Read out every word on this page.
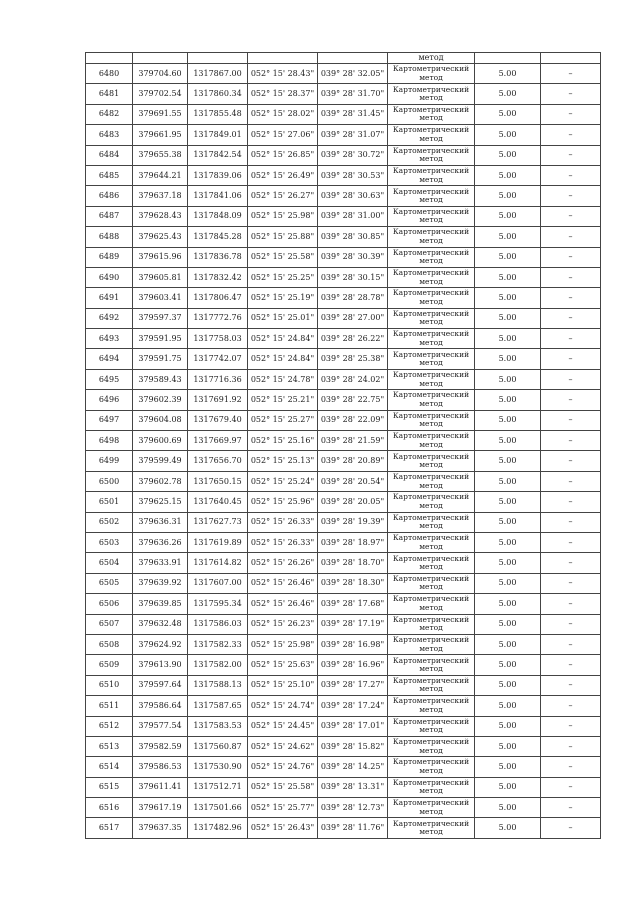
					метод		
6480	379704.60	1317867.00	052° 15' 28.43"	039° 28' 32.05"	Картометрический метод	5.00	–
6481	379702.54	1317860.34	052° 15' 28.37"	039° 28' 31.70"	Картометрический метод	5.00	–
6482	379691.55	1317855.48	052° 15' 28.02"	039° 28' 31.45"	Картометрический метод	5.00	–
6483	379661.95	1317849.01	052° 15' 27.06"	039° 28' 31.07"	Картометрический метод	5.00	–
6484	379655.38	1317842.54	052° 15' 26.85"	039° 28' 30.72"	Картометрический метод	5.00	–
6485	379644.21	1317839.06	052° 15' 26.49"	039° 28' 30.53"	Картометрический метод	5.00	–
6486	379637.18	1317841.06	052° 15' 26.27"	039° 28' 30.63"	Картометрический метод	5.00	–
6487	379628.43	1317848.09	052° 15' 25.98"	039° 28' 31.00"	Картометрический метод	5.00	–
6488	379625.43	1317845.28	052° 15' 25.88"	039° 28' 30.85"	Картометрический метод	5.00	–
6489	379615.96	1317836.78	052° 15' 25.58"	039° 28' 30.39"	Картометрический метод	5.00	–
6490	379605.81	1317832.42	052° 15' 25.25"	039° 28' 30.15"	Картометрический метод	5.00	–
6491	379603.41	1317806.47	052° 15' 25.19"	039° 28' 28.78"	Картометрический метод	5.00	–
6492	379597.37	1317772.76	052° 15' 25.01"	039° 28' 27.00"	Картометрический метод	5.00	–
6493	379591.95	1317758.03	052° 15' 24.84"	039° 28' 26.22"	Картометрический метод	5.00	–
6494	379591.75	1317742.07	052° 15' 24.84"	039° 28' 25.38"	Картометрический метод	5.00	–
6495	379589.43	1317716.36	052° 15' 24.78"	039° 28' 24.02"	Картометрический метод	5.00	–
6496	379602.39	1317691.92	052° 15' 25.21"	039° 28' 22.75"	Картометрический метод	5.00	–
6497	379604.08	1317679.40	052° 15' 25.27"	039° 28' 22.09"	Картометрический метод	5.00	–
6498	379600.69	1317669.97	052° 15' 25.16"	039° 28' 21.59"	Картометрический метод	5.00	–
6499	379599.49	1317656.70	052° 15' 25.13"	039° 28' 20.89"	Картометрический метод	5.00	–
6500	379602.78	1317650.15	052° 15' 25.24"	039° 28' 20.54"	Картометрический метод	5.00	–
6501	379625.15	1317640.45	052° 15' 25.96"	039° 28' 20.05"	Картометрический метод	5.00	–
6502	379636.31	1317627.73	052° 15' 26.33"	039° 28' 19.39"	Картометрический метод	5.00	–
6503	379636.26	1317619.89	052° 15' 26.33"	039° 28' 18.97"	Картометрический метод	5.00	–
6504	379633.91	1317614.82	052° 15' 26.26"	039° 28' 18.70"	Картометрический метод	5.00	–
6505	379639.92	1317607.00	052° 15' 26.46"	039° 28' 18.30"	Картометрический метод	5.00	–
6506	379639.85	1317595.34	052° 15' 26.46"	039° 28' 17.68"	Картометрический метод	5.00	–
6507	379632.48	1317586.03	052° 15' 26.23"	039° 28' 17.19"	Картометрический метод	5.00	–
6508	379624.92	1317582.33	052° 15' 25.98"	039° 28' 16.98"	Картометрический метод	5.00	–
6509	379613.90	1317582.00	052° 15' 25.63"	039° 28' 16.96"	Картометрический метод	5.00	–
6510	379597.64	1317588.13	052° 15' 25.10"	039° 28' 17.27"	Картометрический метод	5.00	–
6511	379586.64	1317587.65	052° 15' 24.74"	039° 28' 17.24"	Картометрический метод	5.00	–
6512	379577.54	1317583.53	052° 15' 24.45"	039° 28' 17.01"	Картометрический метод	5.00	–
6513	379582.59	1317560.87	052° 15' 24.62"	039° 28' 15.82"	Картометрический метод	5.00	–
6514	379586.53	1317530.90	052° 15' 24.76"	039° 28' 14.25"	Картометрический метод	5.00	–
6515	379611.41	1317512.71	052° 15' 25.58"	039° 28' 13.31"	Картометрический метод	5.00	–
6516	379617.19	1317501.66	052° 15' 25.77"	039° 28' 12.73"	Картометрический метод	5.00	–
6517	379637.35	1317482.96	052° 15' 26.43"	039° 28' 11.76"	Картометрический метод	5.00	–
